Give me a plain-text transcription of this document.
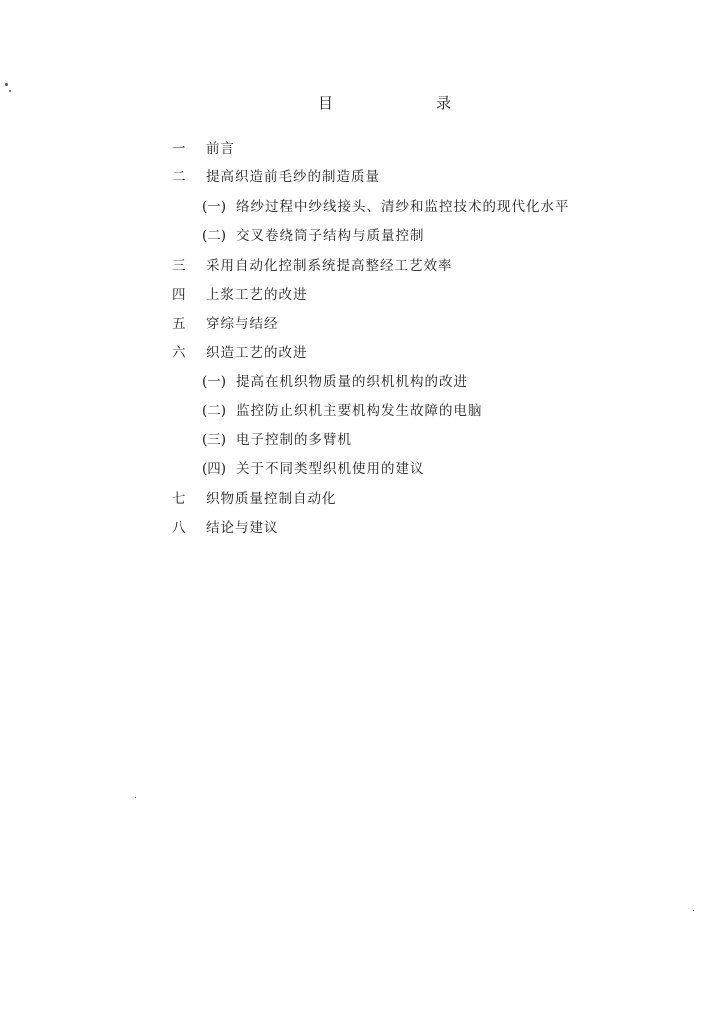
目	录
一 前言
二 提高织造前毛纱的制造质量
(一) 络纱过程中纱线接头、清纱和监控技术的现代化水平
(二) 交叉卷绕筒子结构与质量控制
三 采用自动化控制系统提高整经工艺效率
四 上浆工艺的改进
五 穿综与结经
六 织造工艺的改进
(一) 提高在机织物质量的织机机构的改进
(二) 监控防止织机主要机构发生故障的电脑
(三) 电子控制的多臂机
(四) 关于不同类型织机使用的建议
七 织物质量控制自动化
八 结论与建议
